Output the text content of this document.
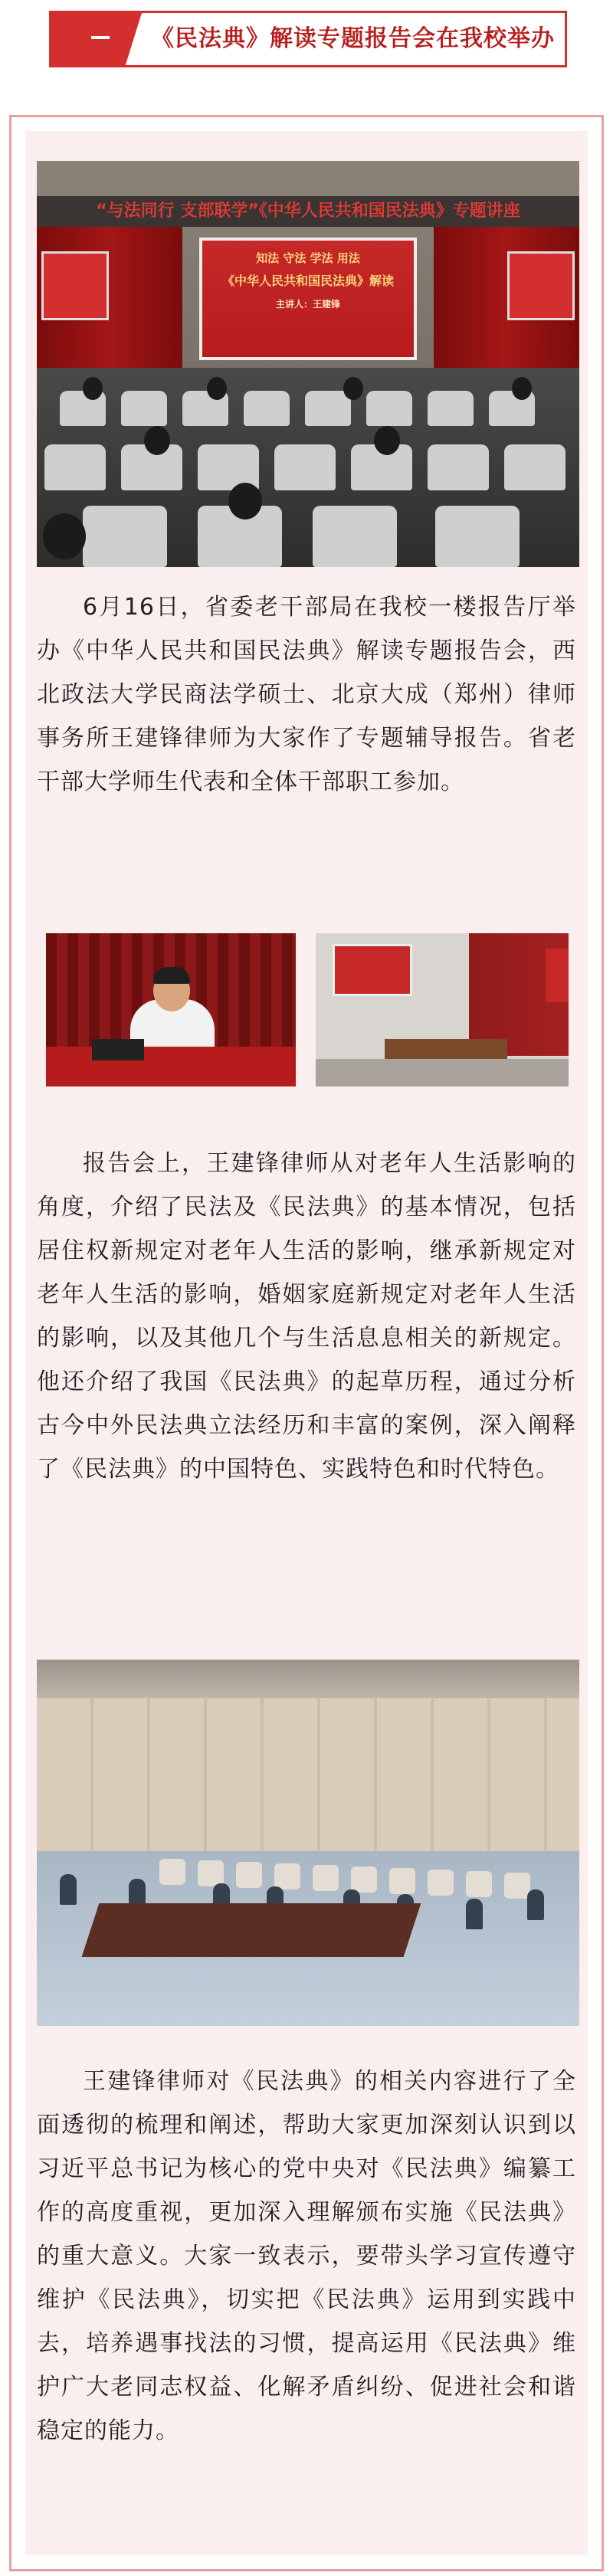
《民法典》解读专题报告会在我校举办
“与法同行 支部联学”《中华人民共和国民法典》专题讲座
知法 守法 学法 用法
《中华人民共和国民法典》解读
主讲人：王建锋
6月16日，省委老干部局在我校一楼报告厅举办《中华人民共和国民法典》解读专题报告会，西北政法大学民商法学硕士、北京大成（郑州）律师事务所王建锋律师为大家作了专题辅导报告。省老干部大学师生代表和全体干部职工参加。
报告会上，王建锋律师从对老年人生活影响的角度，介绍了民法及《民法典》的基本情况，包括居住权新规定对老年人生活的影响，继承新规定对老年人生活的影响，婚姻家庭新规定对老年人生活的影响，以及其他几个与生活息息相关的新规定。他还介绍了我国《民法典》的起草历程，通过分析古今中外民法典立法经历和丰富的案例，深入阐释了《民法典》的中国特色、实践特色和时代特色。
王建锋律师对《民法典》的相关内容进行了全面透彻的梳理和阐述，帮助大家更加深刻认识到以习近平总书记为核心的党中央对《民法典》编纂工作的高度重视，更加深入理解颁布实施《民法典》的重大意义。大家一致表示，要带头学习宣传遵守维护《民法典》，切实把《民法典》运用到实践中去，培养遇事找法的习惯，提高运用《民法典》维护广大老同志权益、化解矛盾纠纷、促进社会和谐稳定的能力。
